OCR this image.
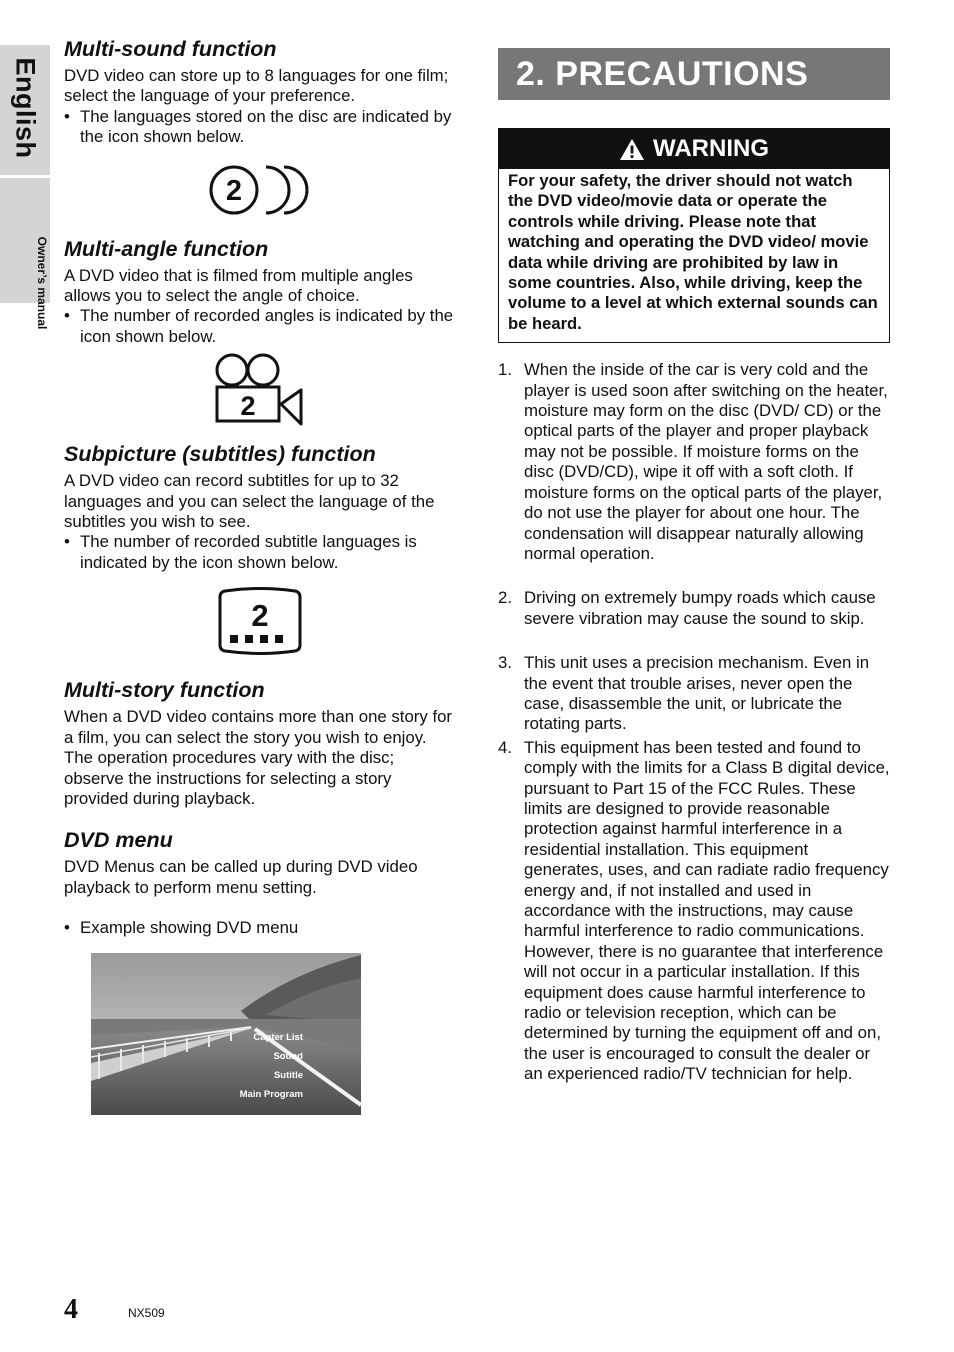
English
Owner’s manual
Multi-sound function

DVD video can store up to 8 languages for one film; select the language of your preference.

• The languages stored on the disc are indicated by the icon shown below.
2
Multi-angle function

A DVD video that is filmed from multiple angles allows you to select the angle of choice.

• The number of recorded angles is indicated by the icon shown below.
2
Subpicture (subtitles) function

A DVD video can record subtitles for up to 32 languages and you can select the language of the subtitles you wish to see.

• The number of recorded subtitle languages is indicated by the icon shown below.
2
Multi-story function

When a DVD video contains more than one story for a film, you can select the story you wish to enjoy. The operation procedures vary with the disc; observe the instructions for selecting a story provided during playback.

DVD menu

DVD Menus can be called up during DVD video playback to perform menu setting.

• Example showing DVD menu
Capter List
Sound
Sutitle
Main Program
2. PRECAUTIONS
WARNING
For your safety, the driver should not watch the DVD video/movie data or operate the controls while driving. Please note that watching and operating the DVD video/ movie data while driving are prohibited by law in some countries. Also, while driving, keep the volume to a level at which external sounds can be heard.
1. When the inside of the car is very cold and the player is used soon after switching on the heater, moisture may form on the disc (DVD/ CD) or the optical parts of the player and proper playback may not be possible. If moisture forms on the disc (DVD/CD), wipe it off with a soft cloth. If moisture forms on the optical parts of the player, do not use the player for about one hour. The condensation will disappear naturally allowing normal operation.
2. Driving on extremely bumpy roads which cause severe vibration may cause the sound to skip.
3. This unit uses a precision mechanism. Even in the event that trouble arises, never open the case, disassemble the unit, or lubricate the rotating parts.
4. This equipment has been tested and found to comply with the limits for a Class B digital device, pursuant to Part 15 of the FCC Rules. These limits are designed to provide reasonable protection against harmful interference in a residential installation. This equipment generates, uses, and can radiate radio frequency energy and, if not installed and used in accordance with the instructions, may cause harmful interference to radio communications. However, there is no guarantee that interference will not occur in a particular installation. If this equipment does cause harmful interference to radio or television reception, which can be determined by turning the equipment off and on, the user is encouraged to consult the dealer or an experienced radio/TV technician for help.
4	NX509
